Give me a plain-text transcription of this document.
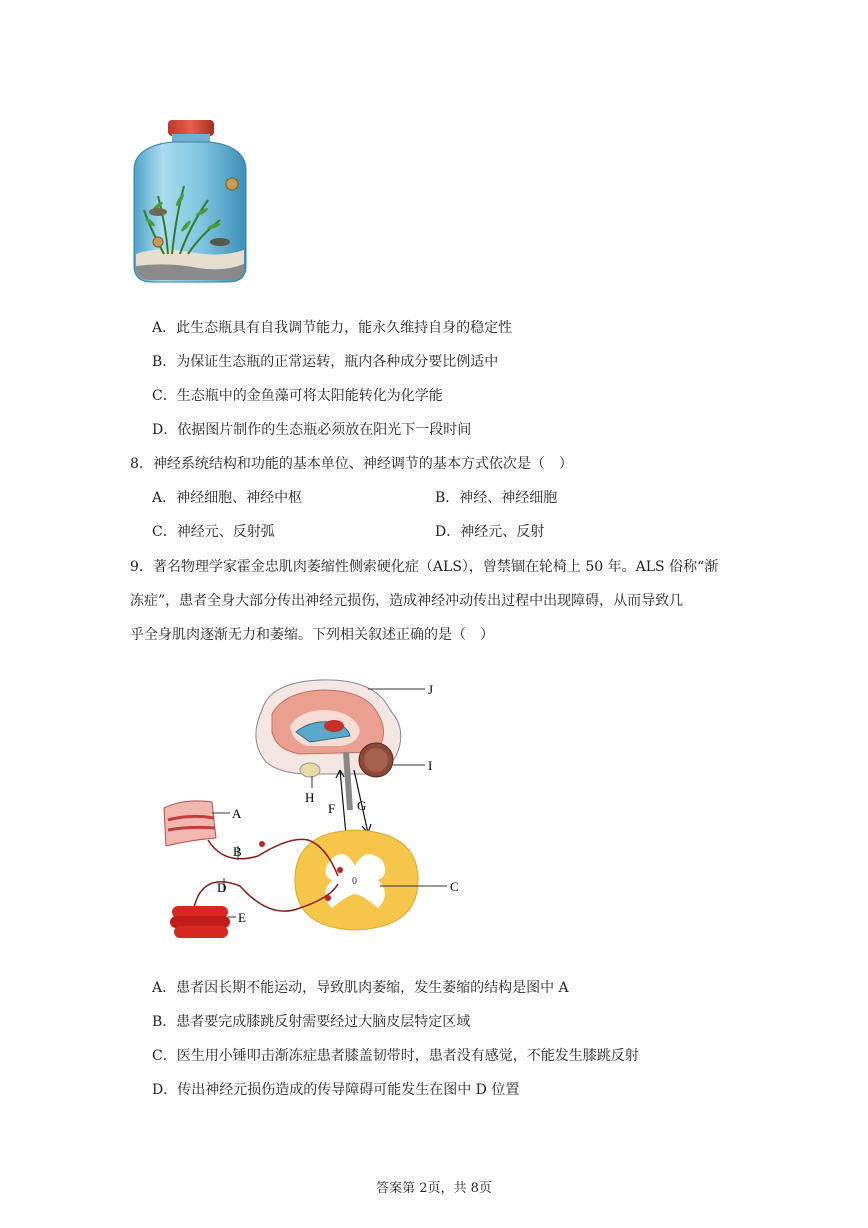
A．此生态瓶具有自我调节能力，能永久维持自身的稳定性
B．为保证生态瓶的正常运转，瓶内各种成分要比例适中
C．生态瓶中的金鱼藻可将太阳能转化为化学能
D．依据图片制作的生态瓶必须放在阳光下一段时间
8．神经系统结构和功能的基本单位、神经调节的基本方式依次是（　）
A．神经细胞、神经中枢	B．神经、神经细胞
C．神经元、反射弧	D．神经元、反射
9．著名物理学家霍金忠肌肉萎缩性侧索硬化症（ALS），曾禁锢在轮椅上 50 年。ALS 俗称“渐
冻症”，患者全身大部分传出神经元损伤，造成神经冲动传出过程中出现障碍，从而导致几
乎全身肌肉逐渐无力和萎缩。下列相关叙述正确的是（　）
J
I
H
F G
0	C
A
B
D
E
A．患者因长期不能运动，导致肌肉萎缩，发生萎缩的结构是图中 A
B．患者要完成膝跳反射需要经过大脑皮层特定区域
C．医生用小锤叩击渐冻症患者膝盖韧带时，患者没有感觉，不能发生膝跳反射
D．传出神经元损伤造成的传导障碍可能发生在图中 D 位置
答案第 2页，共 8页
